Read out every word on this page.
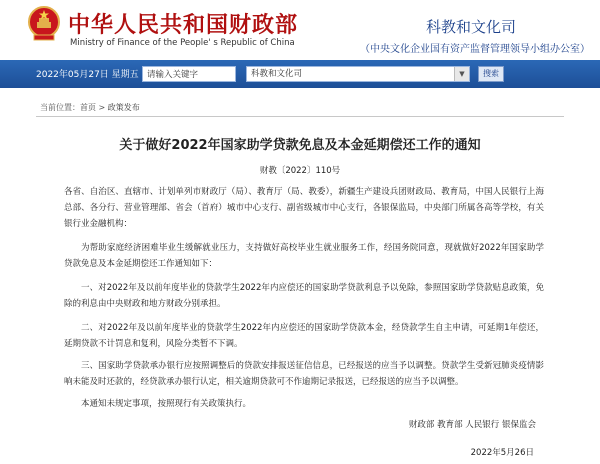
中华人民共和国财政部
Ministry of Finance of the People' s Republic of China
科教和文化司
（中央文化企业国有资产监督管理领导小组办公室）
2022年05月27日 星期五 请输入关键字	科教和文化司	▼	搜索
当前位置：首页 > 政策发布
关于做好2022年国家助学贷款免息及本金延期偿还工作的通知
财教〔2022〕110号
各省、自治区、直辖市、计划单列市财政厅（局）、教育厅（局、教委），新疆生产建设兵团财政局、教育局，中国人民银行上海总部、各分行、营业管理部、省会（首府）城市中心支行、副省级城市中心支行，各银保监局，中央部门所属各高等学校，有关银行业金融机构：
为帮助家庭经济困难毕业生缓解就业压力，支持做好高校毕业生就业服务工作，经国务院同意，现就做好2022年国家助学贷款免息及本金延期偿还工作通知如下：
一、对2022年及以前年度毕业的贷款学生2022年内应偿还的国家助学贷款利息予以免除，参照国家助学贷款贴息政策，免除的利息由中央财政和地方财政分别承担。
二、对2022年及以前年度毕业的贷款学生2022年内应偿还的国家助学贷款本金，经贷款学生自主申请，可延期1年偿还，延期贷款不计罚息和复利，风险分类暂不下调。
三、国家助学贷款承办银行应按照调整后的贷款安排报送征信信息，已经报送的应当予以调整。贷款学生受新冠肺炎疫情影响未能及时还款的，经贷款承办银行认定，相关逾期贷款可不作逾期记录报送，已经报送的应当予以调整。
本通知未规定事项，按照现行有关政策执行。
财政部 教育部 人民银行 银保监会
2022年5月26日
